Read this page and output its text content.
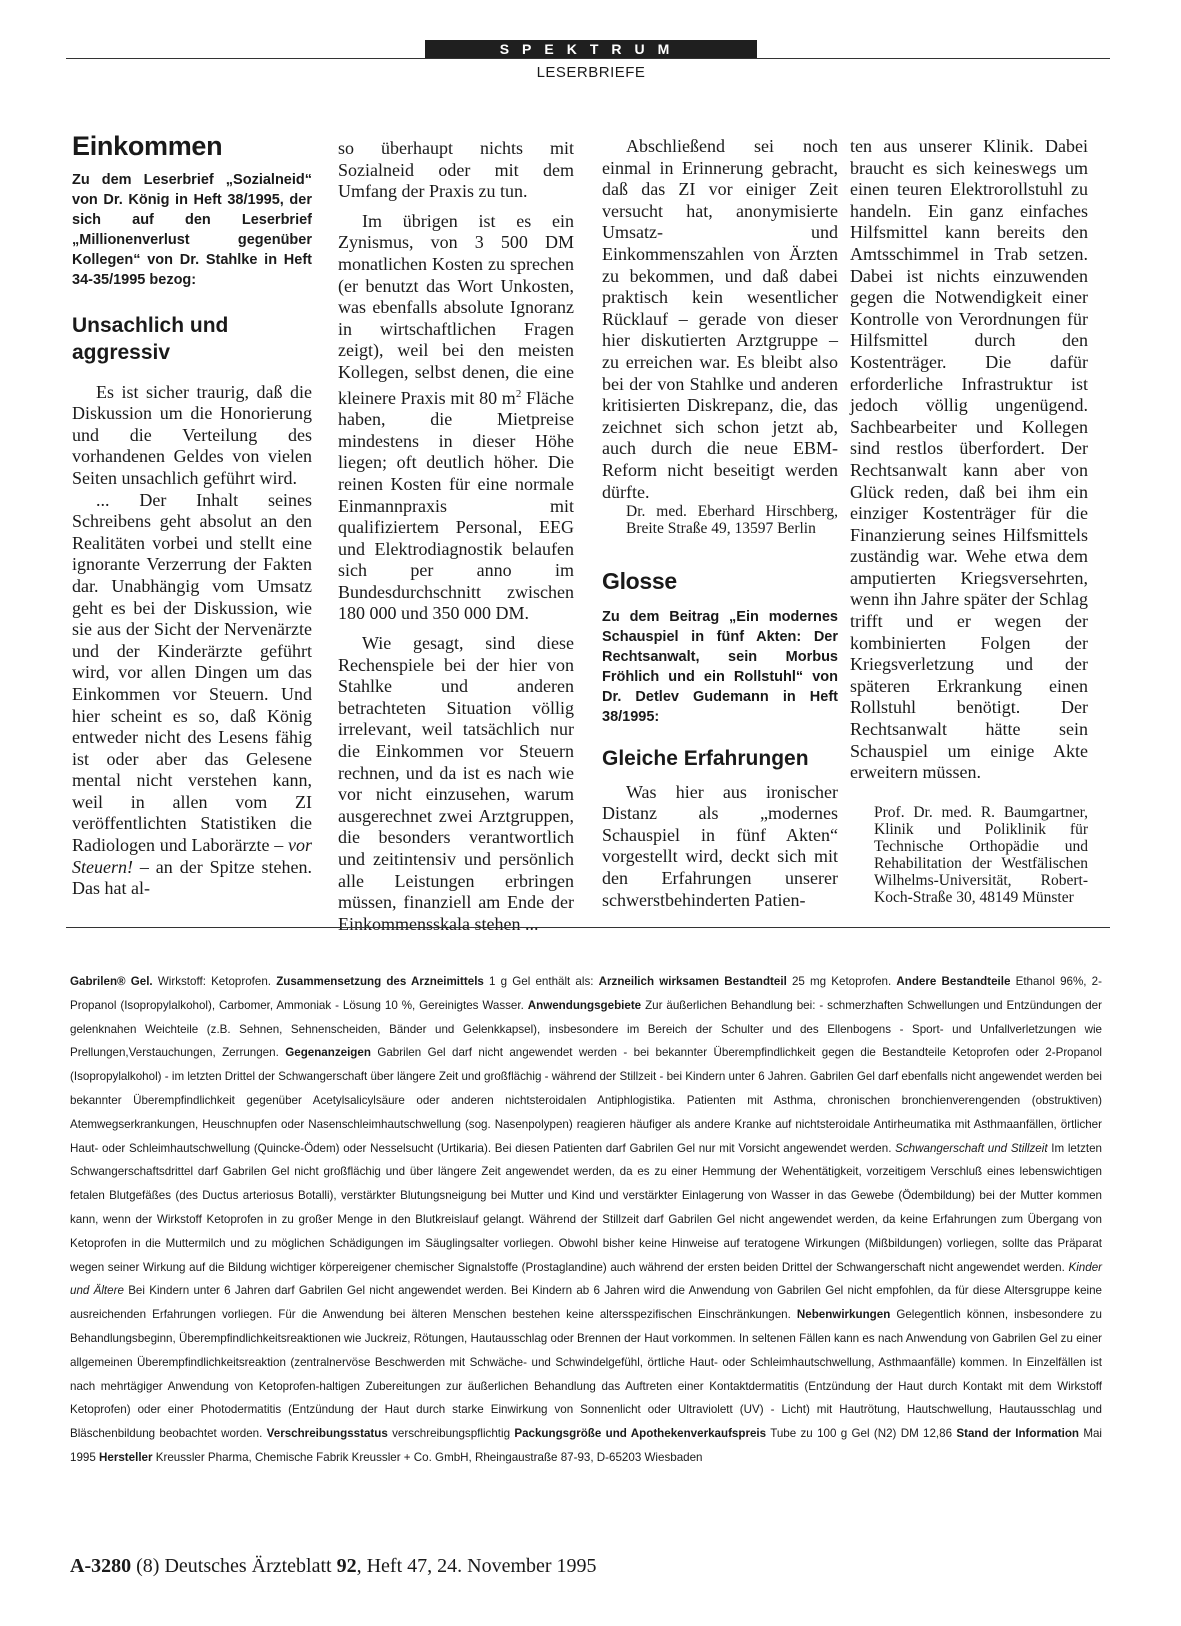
SPEKTRUM
LESERBRIEFE
Einkommen

Zu dem Leserbrief „Sozialneid“ von Dr. König in Heft 38/1995, der sich auf den Leserbrief „Millionenverlust gegenüber Kollegen“ von Dr. Stahlke in Heft 34-35/1995 bezog:

Unsachlich und aggressiv

Es ist sicher traurig, daß die Diskussion um die Honorierung und die Verteilung des vorhandenen Geldes von vielen Seiten unsachlich geführt wird.

... Der Inhalt seines Schreibens geht absolut an den Realitäten vorbei und stellt eine ignorante Verzerrung der Fakten dar. Unabhängig vom Umsatz geht es bei der Diskussion, wie sie aus der Sicht der Nervenärzte und der Kinderärzte geführt wird, vor allen Dingen um das Einkommen vor Steuern. Und hier scheint es so, daß König entweder nicht des Lesens fähig ist oder aber das Gelesene mental nicht verstehen kann, weil in allen vom ZI veröffentlichten Statistiken die Radiologen und Laborärzte – vor Steuern! – an der Spitze stehen. Das hat al-

so überhaupt nichts mit Sozialneid oder mit dem Umfang der Praxis zu tun.

Im übrigen ist es ein Zynismus, von 3 500 DM monatlichen Kosten zu sprechen (er benutzt das Wort Unkosten, was ebenfalls absolute Ignoranz in wirtschaftlichen Fragen zeigt), weil bei den meisten Kollegen, selbst denen, die eine kleinere Praxis mit 80 $m^2$ Fläche haben, die Mietpreise mindestens in dieser Höhe liegen; oft deutlich höher. Die reinen Kosten für eine normale Einmannpraxis mit qualifiziertem Personal, EEG und Elektrodiagnostik belaufen sich per anno im Bundesdurchschnitt zwischen 180 000 und 350 000 DM.

Wie gesagt, sind diese Rechenspiele bei der hier von Stahlke und anderen betrachteten Situation völlig irrelevant, weil tatsächlich nur die Einkommen vor Steuern rechnen, und da ist es nach wie vor nicht einzusehen, warum ausgerechnet zwei Arztgruppen, die besonders verantwortlich und zeitintensiv und persönlich alle Leistungen erbringen müssen, finanziell am Ende der Einkommensskala stehen ...

Abschließend sei noch einmal in Erinnerung gebracht, daß das ZI vor einiger Zeit versucht hat, anonymisierte Umsatz- und Einkommenszahlen von Ärzten zu bekommen, und daß dabei praktisch kein wesentlicher Rücklauf – gerade von dieser hier diskutierten Arztgruppe – zu erreichen war. Es bleibt also bei der von Stahlke und anderen kritisierten Diskrepanz, die, das zeichnet sich schon jetzt ab, auch durch die neue EBM-Reform nicht beseitigt werden dürfte.

Dr. med. Eberhard Hirschberg, Breite Straße 49, 13597 Berlin

Glosse

Zu dem Beitrag „Ein modernes Schauspiel in fünf Akten: Der Rechtsanwalt, sein Morbus Fröhlich und ein Rollstuhl“ von Dr. Detlev Gudemann in Heft 38/1995:

Gleiche Erfahrungen

Was hier aus ironischer Distanz als „modernes Schauspiel in fünf Akten“ vorgestellt wird, deckt sich mit den Erfahrungen unserer schwerstbehinderten Patien-

ten aus unserer Klinik. Dabei braucht es sich keineswegs um einen teuren Elektrorollstuhl zu handeln. Ein ganz einfaches Hilfsmittel kann bereits den Amtsschimmel in Trab setzen. Dabei ist nichts einzuwenden gegen die Notwendigkeit einer Kontrolle von Verordnungen für Hilfsmittel durch den Kostenträger. Die dafür erforderliche Infrastruktur ist jedoch völlig ungenügend. Sachbearbeiter und Kollegen sind restlos überfordert. Der Rechtsanwalt kann aber von Glück reden, daß bei ihm ein einziger Kostenträger für die Finanzierung seines Hilfsmittels zuständig war. Wehe etwa dem amputierten Kriegsversehrten, wenn ihn Jahre später der Schlag trifft und er wegen der kombinierten Folgen der Kriegsverletzung und der späteren Erkrankung einen Rollstuhl benötigt. Der Rechtsanwalt hätte sein Schauspiel um einige Akte erweitern müssen.

Prof. Dr. med. R. Baumgartner, Klinik und Poliklinik für Technische Orthopädie und Rehabilitation der Westfälischen Wilhelms-Universität, Robert-Koch-Straße 30, 48149 Münster

Gabrilen® Gel. Wirkstoff: Ketoprofen. Zusammensetzung des Arzneimittels 1 g Gel enthält als: Arzneilich wirksamen Bestandteil 25 mg Ketoprofen. Andere Bestandteile Ethanol 96%, 2-Propanol (Isopropylalkohol), Carbomer, Ammoniak - Lösung 10 %, Gereinigtes Wasser. Anwendungsgebiete Zur äußerlichen Behandlung bei: - schmerzhaften Schwellungen und Entzündungen der gelenknahen Weichteile (z.B. Sehnen, Sehnenscheiden, Bänder und Gelenkkapsel), insbesondere im Bereich der Schulter und des Ellenbogens - Sport- und Unfallverletzungen wie Prellungen,Verstauchungen, Zerrungen. Gegenanzeigen Gabrilen Gel darf nicht angewendet werden - bei bekannter Überempfindlichkeit gegen die Bestandteile Ketoprofen oder 2-Propanol (Isopropylalkohol) - im letzten Drittel der Schwangerschaft über längere Zeit und großflächig - während der Stillzeit - bei Kindern unter 6 Jahren. Gabrilen Gel darf ebenfalls nicht angewendet werden bei bekannter Überempfindlichkeit gegenüber Acetylsalicylsäure oder anderen nichtsteroidalen Antiphlogistika. Patienten mit Asthma, chronischen bronchienverengenden (obstruktiven) Atemwegserkrankungen, Heuschnupfen oder Nasenschleimhautschwellung (sog. Nasenpolypen) reagieren häufiger als andere Kranke auf nichtsteroidale Antirheumatika mit Asthmaanfällen, örtlicher Haut- oder Schleimhautschwellung (Quincke-Ödem) oder Nesselsucht (Urtikaria). Bei diesen Patienten darf Gabrilen Gel nur mit Vorsicht angewendet werden. Schwangerschaft und Stillzeit Im letzten Schwangerschaftsdrittel darf Gabrilen Gel nicht großflächig und über längere Zeit angewendet werden, da es zu einer Hemmung der Wehentätigkeit, vorzeitigem Verschluß eines lebenswichtigen fetalen Blutgefäßes (des Ductus arteriosus Botalli), verstärkter Blutungsneigung bei Mutter und Kind und verstärkter Einlagerung von Wasser in das Gewebe (Ödembildung) bei der Mutter kommen kann, wenn der Wirkstoff Ketoprofen in zu großer Menge in den Blutkreislauf gelangt. Während der Stillzeit darf Gabrilen Gel nicht angewendet werden, da keine Erfahrungen zum Übergang von Ketoprofen in die Muttermilch und zu möglichen Schädigungen im Säuglingsalter vorliegen. Obwohl bisher keine Hinweise auf teratogene Wirkungen (Mißbildungen) vorliegen, sollte das Präparat wegen seiner Wirkung auf die Bildung wichtiger körpereigener chemischer Signalstoffe (Prostaglandine) auch während der ersten beiden Drittel der Schwangerschaft nicht angewendet werden. Kinder und Ältere Bei Kindern unter 6 Jahren darf Gabrilen Gel nicht angewendet werden. Bei Kindern ab 6 Jahren wird die Anwendung von Gabrilen Gel nicht empfohlen, da für diese Altersgruppe keine ausreichenden Erfahrungen vorliegen. Für die Anwendung bei älteren Menschen bestehen keine altersspezifischen Einschränkungen. Nebenwirkungen Gelegentlich können, insbesondere zu Behandlungsbeginn, Überempfindlichkeitsreaktionen wie Juckreiz, Rötungen, Hautausschlag oder Brennen der Haut vorkommen. In seltenen Fällen kann es nach Anwendung von Gabrilen Gel zu einer allgemeinen Überempfindlichkeitsreaktion (zentralnervöse Beschwerden mit Schwäche- und Schwindelgefühl, örtliche Haut- oder Schleimhautschwellung, Asthmaanfälle) kommen. In Einzelfällen ist nach mehrtägiger Anwendung von Ketoprofen-haltigen Zubereitungen zur äußerlichen Behandlung das Auftreten einer Kontaktdermatitis (Entzündung der Haut durch Kontakt mit dem Wirkstoff Ketoprofen) oder einer Photodermatitis (Entzündung der Haut durch starke Einwirkung von Sonnenlicht oder Ultraviolett (UV) - Licht) mit Hautrötung, Hautschwellung, Hautausschlag und Bläschenbildung beobachtet worden. Verschreibungsstatus verschreibungspflichtig Packungsgröße und Apothekenverkaufspreis Tube zu 100 g Gel (N2) DM 12,86 Stand der Information Mai 1995 Hersteller Kreussler Pharma, Chemische Fabrik Kreussler + Co. GmbH, Rheingaustraße 87-93, D-65203 Wiesbaden
A-3280 (8) Deutsches Ärzteblatt 92, Heft 47, 24. November 1995
